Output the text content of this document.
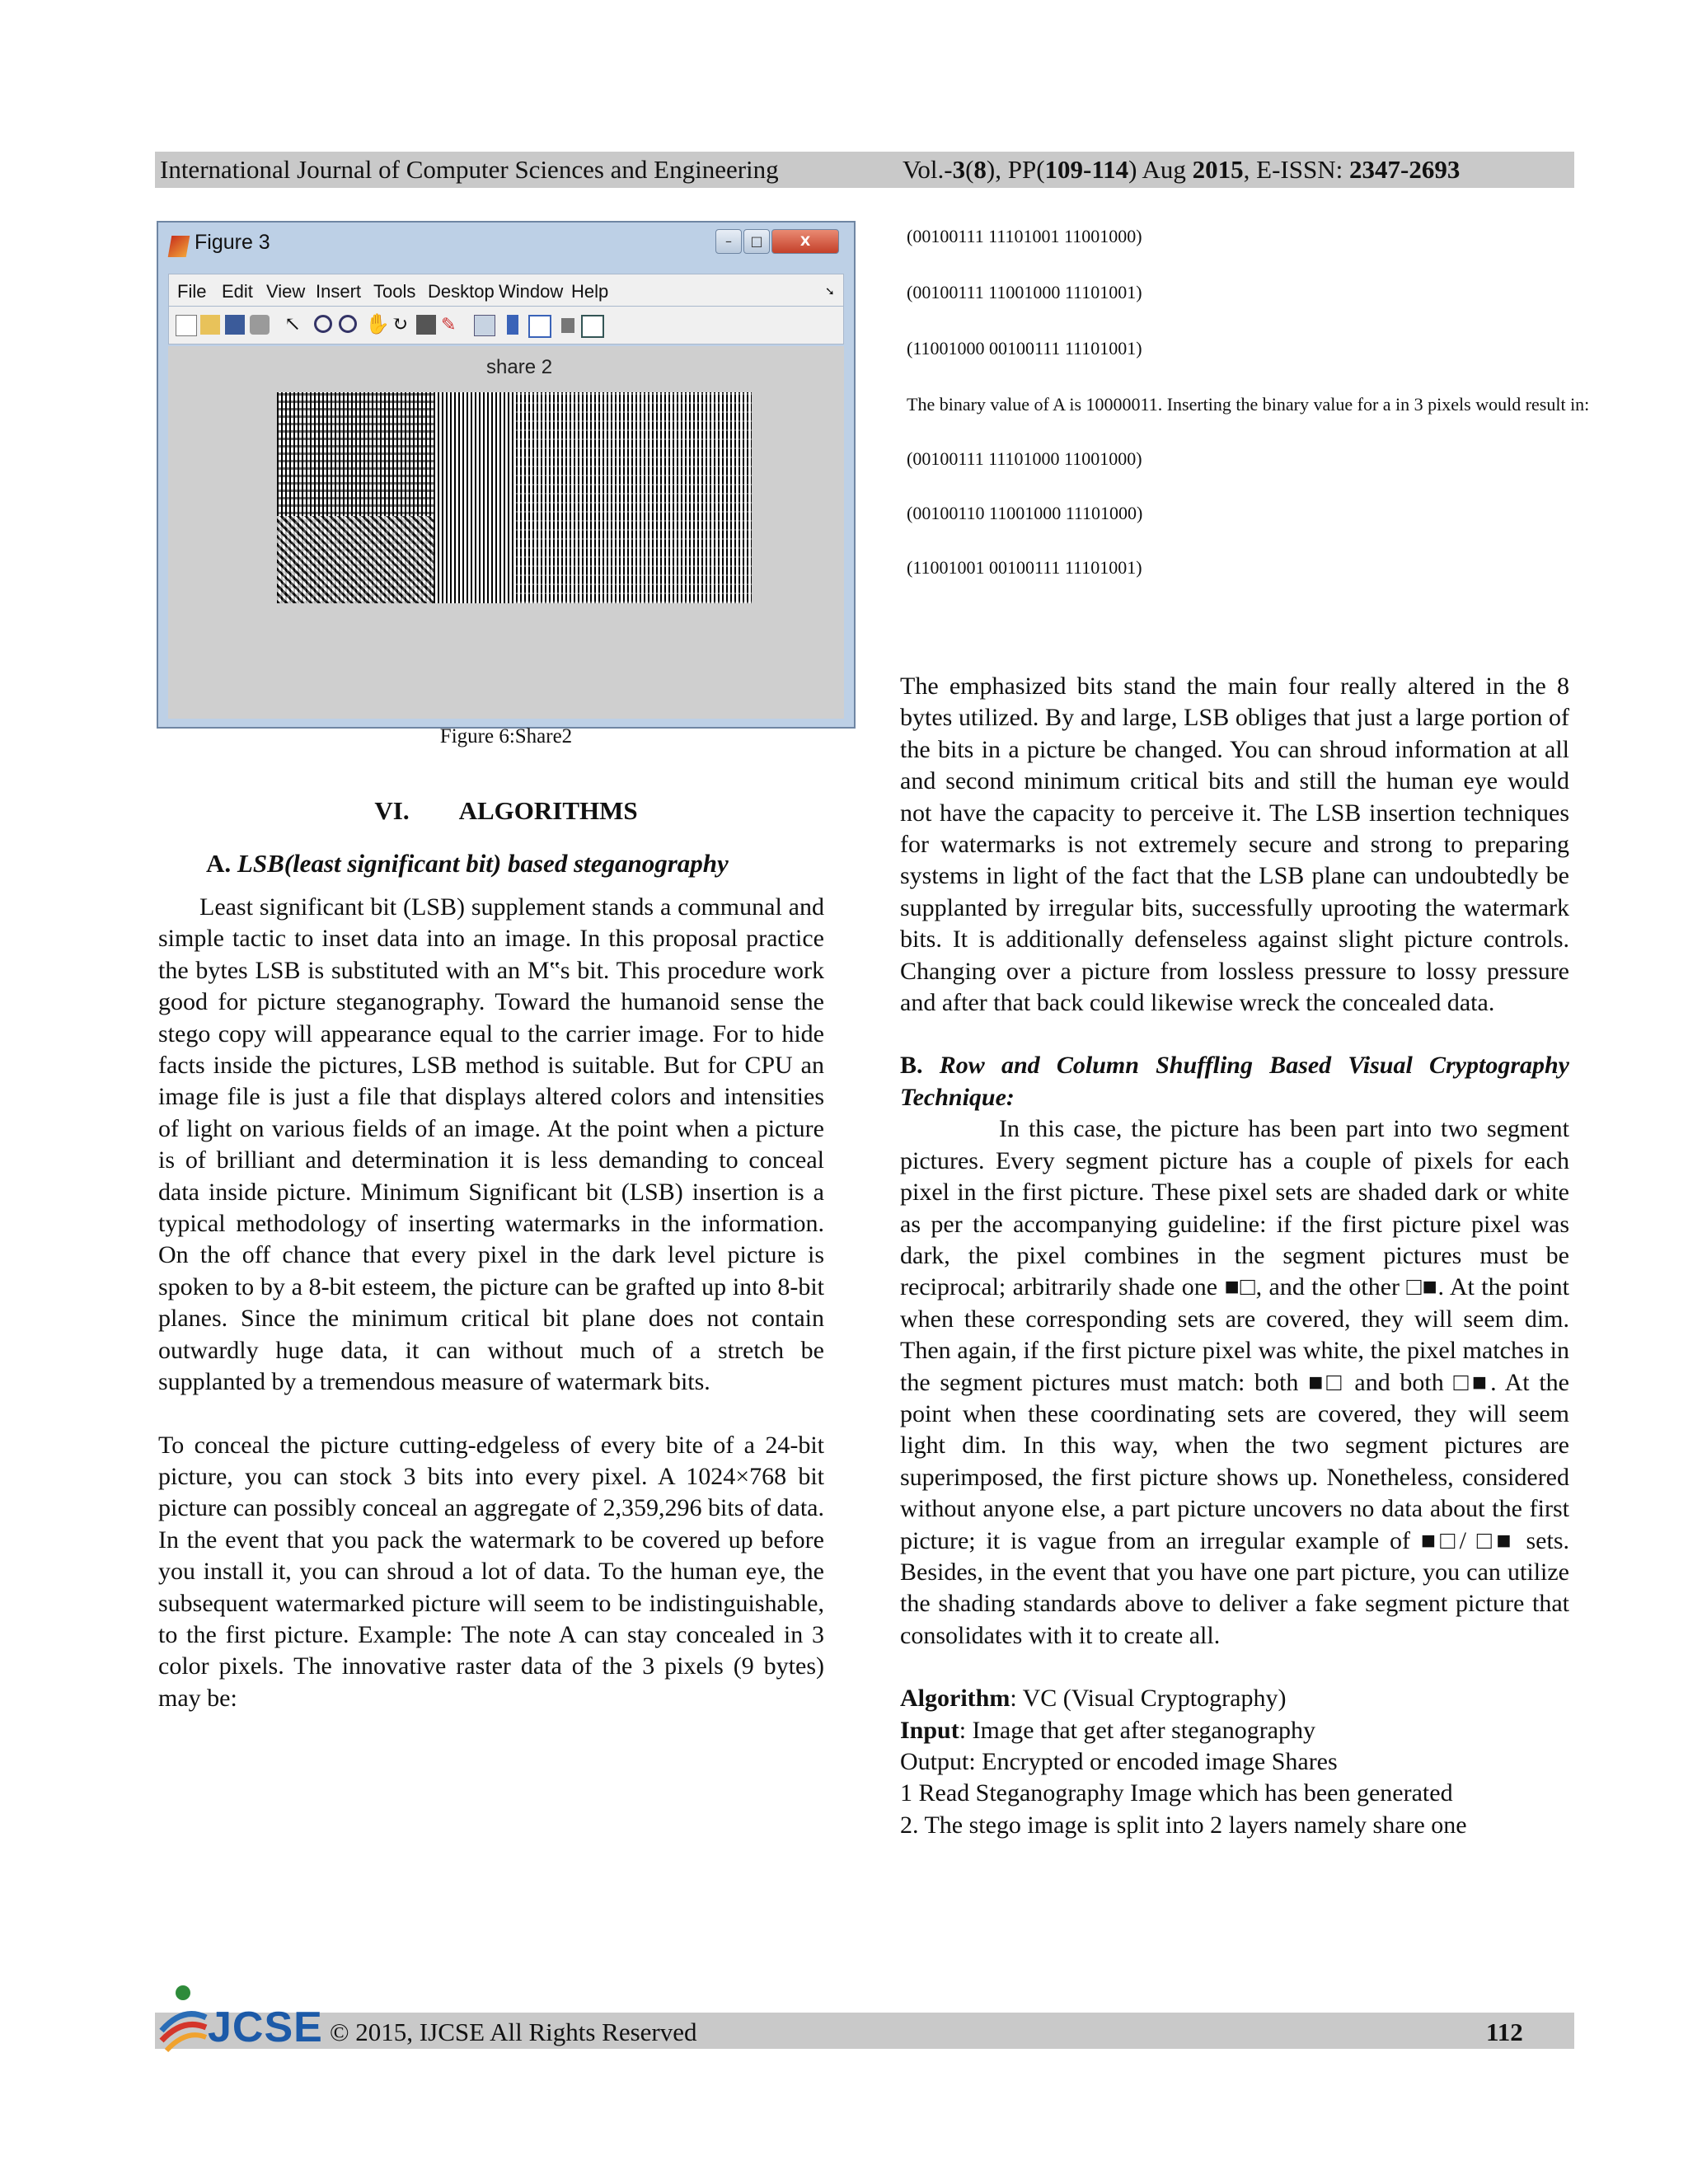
International Journal of Computer Sciences and Engineering	Vol.-3(8), PP(109-114) Aug 2015, E-ISSN: 2347-2693
Figure 3	–	□	X
File Edit View Insert Tools Desktop Window Help	➘
↖	✋ ↻ ✎
share 2
Figure 6:Share2
VI. ALGORITHMS
A. LSB(least significant bit) based steganography

Least significant bit (LSB) supplement stands a communal and simple tactic to inset data into an image. In this proposal practice the bytes LSB is substituted with an M‟s bit. This procedure work good for picture steganography. Toward the humanoid sense the stego copy will appearance equal to the carrier image. For to hide facts inside the pictures, LSB method is suitable. But for CPU an image file is just a file that displays altered colors and intensities of light on various fields of an image. At the point when a picture is of brilliant and determination it is less demanding to conceal data inside picture. Minimum Significant bit (LSB) insertion is a typical methodology of inserting watermarks in the information. On the off chance that every pixel in the dark level picture is spoken to by a 8-bit esteem, the picture can be grafted up into 8-bit planes. Since the minimum critical bit plane does not contain outwardly huge data, it can without much of a stretch be supplanted by a tremendous measure of watermark bits.

To conceal the picture cutting-edgeless of every bite of a 24-bit picture, you can stock 3 bits into every pixel. A 1024×768 bit picture can possibly conceal an aggregate of 2,359,296 bits of data. In the event that you pack the watermark to be covered up before you install it, you can shroud a lot of data. To the human eye, the subsequent watermarked picture will seem to be indistinguishable, to the first picture. Example: The note A can stay concealed in 3 color pixels. The innovative raster data of the 3 pixels (9 bytes) may be:

(00100111 11101001 11001000)
(00100111 11001000 11101001)
(11001000 00100111 11101001)
The binary value of A is 10000011. Inserting the binary value for a in 3 pixels would result in:
(00100111 11101000 11001000)
(00100110 11001000 11101000)
(11001001 00100111 11101001)

The emphasized bits stand the main four really altered in the 8 bytes utilized. By and large, LSB obliges that just a large portion of the bits in a picture be changed. You can shroud information at all and second minimum critical bits and still the human eye would not have the capacity to perceive it. The LSB insertion techniques for watermarks is not extremely secure and strong to preparing systems in light of the fact that the LSB plane can undoubtedly be supplanted by irregular bits, successfully uprooting the watermark bits. It is additionally defenseless against slight picture controls. Changing over a picture from lossless pressure to lossy pressure and after that back could likewise wreck the concealed data.

B. Row and Column Shuffling Based Visual Cryptography Technique:

In this case, the picture has been part into two segment pictures. Every segment picture has a couple of pixels for each pixel in the first picture. These pixel sets are shaded dark or white as per the accompanying guideline: if the first picture pixel was dark, the pixel combines in the segment pictures must be reciprocal; arbitrarily shade one ■□, and the other □■. At the point when these corresponding sets are covered, they will seem dim. Then again, if the first picture pixel was white, the pixel matches in the segment pictures must match: both ■□ and both □■. At the point when these coordinating sets are covered, they will seem light dim. In this way, when the two segment pictures are superimposed, the first picture shows up. Nonetheless, considered without anyone else, a part picture uncovers no data about the first picture; it is vague from an irregular example of ■□/ □■ sets. Besides, in the event that you have one part picture, you can utilize the shading standards above to deliver a fake segment picture that consolidates with it to create all.

Algorithm: VC (Visual Cryptography)

Input: Image that get after steganography

Output: Encrypted or encoded image Shares

1 Read Steganography Image which has been generated

2. The stego image is split into 2 layers namely share one

JCSE © 2015, IJCSE All Rights Reserved	112
